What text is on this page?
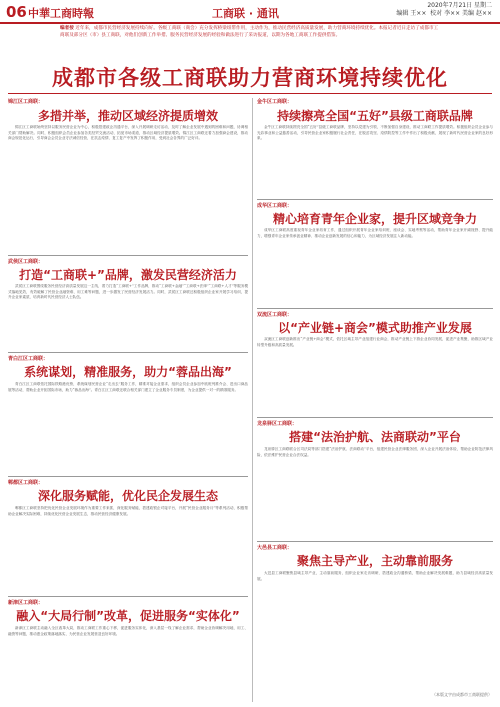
06 中華工商時報	工商联 · 通讯
2020年7月21日 星期二
编辑 王××  校对 李×× 美编 赵××
编者按 近年来，成都市民营经济发展持续向好。各级工商联（商会）充分发挥桥梁纽带作用，主动作为，推动民营经济高质量发展，助力营商环境持续优化。本报记者近日走访了成都市工商联及部分区（市）县工商联，对他们创新工作举措、服务民营经济发展的经验和做法进行了采访报道，以期为各地工商联工作提供借鉴。
成都市各级工商联助力营商环境持续优化
锦江区工商联：
多措并举，推动区域经济提质增效

锦江区工商联始终坚持以服务民营企业为中心，积极搭建政企沟通平台，深入开展调研走访活动，及时了解企业发展中遇到的困难和问题，协调相关部门帮助解决。同时，积极组织会员企业参加各类经贸交流活动，拓宽市场渠道，推动区域经济提质增效。锦江区工商联还着力加强商会建设，推动商会规范化运行，引导商会会员企业守法诚信经营，在抗击疫情、复工复产中发挥了积极作用，受到社会各界的广泛好评。

武侯区工商联：
打造“工商联+”品牌，激发民营经济活力

武侯区工商联围绕服务民营经济高质量发展这一主线，着力打造“工商联+”工作品牌，推动“工商联+金融”“工商联+法律”“工商联+人才”等服务模式落地见效，有效破解了民营企业融资难、用工难等问题，进一步激发了民营经济发展活力。同时，武侯区工商联还积极组织企业家开展学习培训，提升企业家素质，培育新时代民营经济人士队伍。

青白江区工商联：
系统谋划，精准服务，助力“蓉品出海”

青白江区工商联依托国际铁路港优势，系统谋划民营企业“走出去”服务工作，精准对接企业需求，组织会员企业参加中欧班列推介会、进出口商品展等活动，帮助企业开拓国际市场，助力“蓉品出海”。青白江区工商联还联合相关部门建立了企业服务专员制度，为企业提供一对一的精准服务。

郫都区工商联：
深化服务赋能，优化民企发展生态

郫都区工商联坚持把优化民营企业发展环境作为重要工作来抓，深化服务赋能，搭建政银企对接平台，开展“民营企业服务月”等系列活动，积极帮助企业解决实际困难，持续优化民营企业发展生态，推动民营经济健康发展。

新津区工商联：
融入“大局行制”改革，促进服务“实体化”

新津区工商联主动融入全区改革大局，推动工商联工作重心下移，促进服务实体化，深入基层一线了解企业需求，帮助企业协调解决用地、用工、融资等问题，推动惠企政策落地落实，为民营企业发展营造良好环境。

金牛区工商联：
持续擦亮全国“五好”县级工商联品牌

金牛区工商联持续擦亮全国“五好”县级工商联品牌，坚持以党建为引领，不断加强自身建设，推动工商联工作提质增效。积极组织会员企业参与光彩事业和公益慈善活动，引导民营企业家积极履行社会责任，在脱贫攻坚、疫情防控等工作中作出了积极贡献，展现了新时代民营企业家的良好形象。

成华区工商联：
精心培育青年企业家，提升区域竞争力

成华区工商联高度重视青年企业家培育工作，通过组织开展青年企业家培训班、座谈会、实地考察等活动，帮助青年企业家开阔视野、提升能力，增强青年企业家传承创业精神、推动企业创新发展的信心和能力，为区域经济发展注入新动能。

双流区工商联：
以“产业链+商会”模式助推产业发展

双流区工商联创新推出“产业链+商会”模式，依托区域主导产业组建行业商会，推动产业链上下游企业协同发展，促进产业集聚，助推区域产业转型升级和高质量发展。

龙泉驿区工商联：
搭建“法治护航、法商联动”平台

龙泉驿区工商联联合区司法局等部门搭建“法治护航、法商联动”平台，组建民营企业法律服务团，深入企业开展法治体检，帮助企业防范法律风险，依法维护民营企业合法权益。

大邑县工商联：
聚焦主导产业，主动靠前服务

大邑县工商联聚焦县域主导产业，主动靠前服务，组织企业家走访调研，搭建政企沟通桥梁，帮助企业解决发展难题，助力县域经济高质量发展。

（本版文字由成都市工商联提供）
